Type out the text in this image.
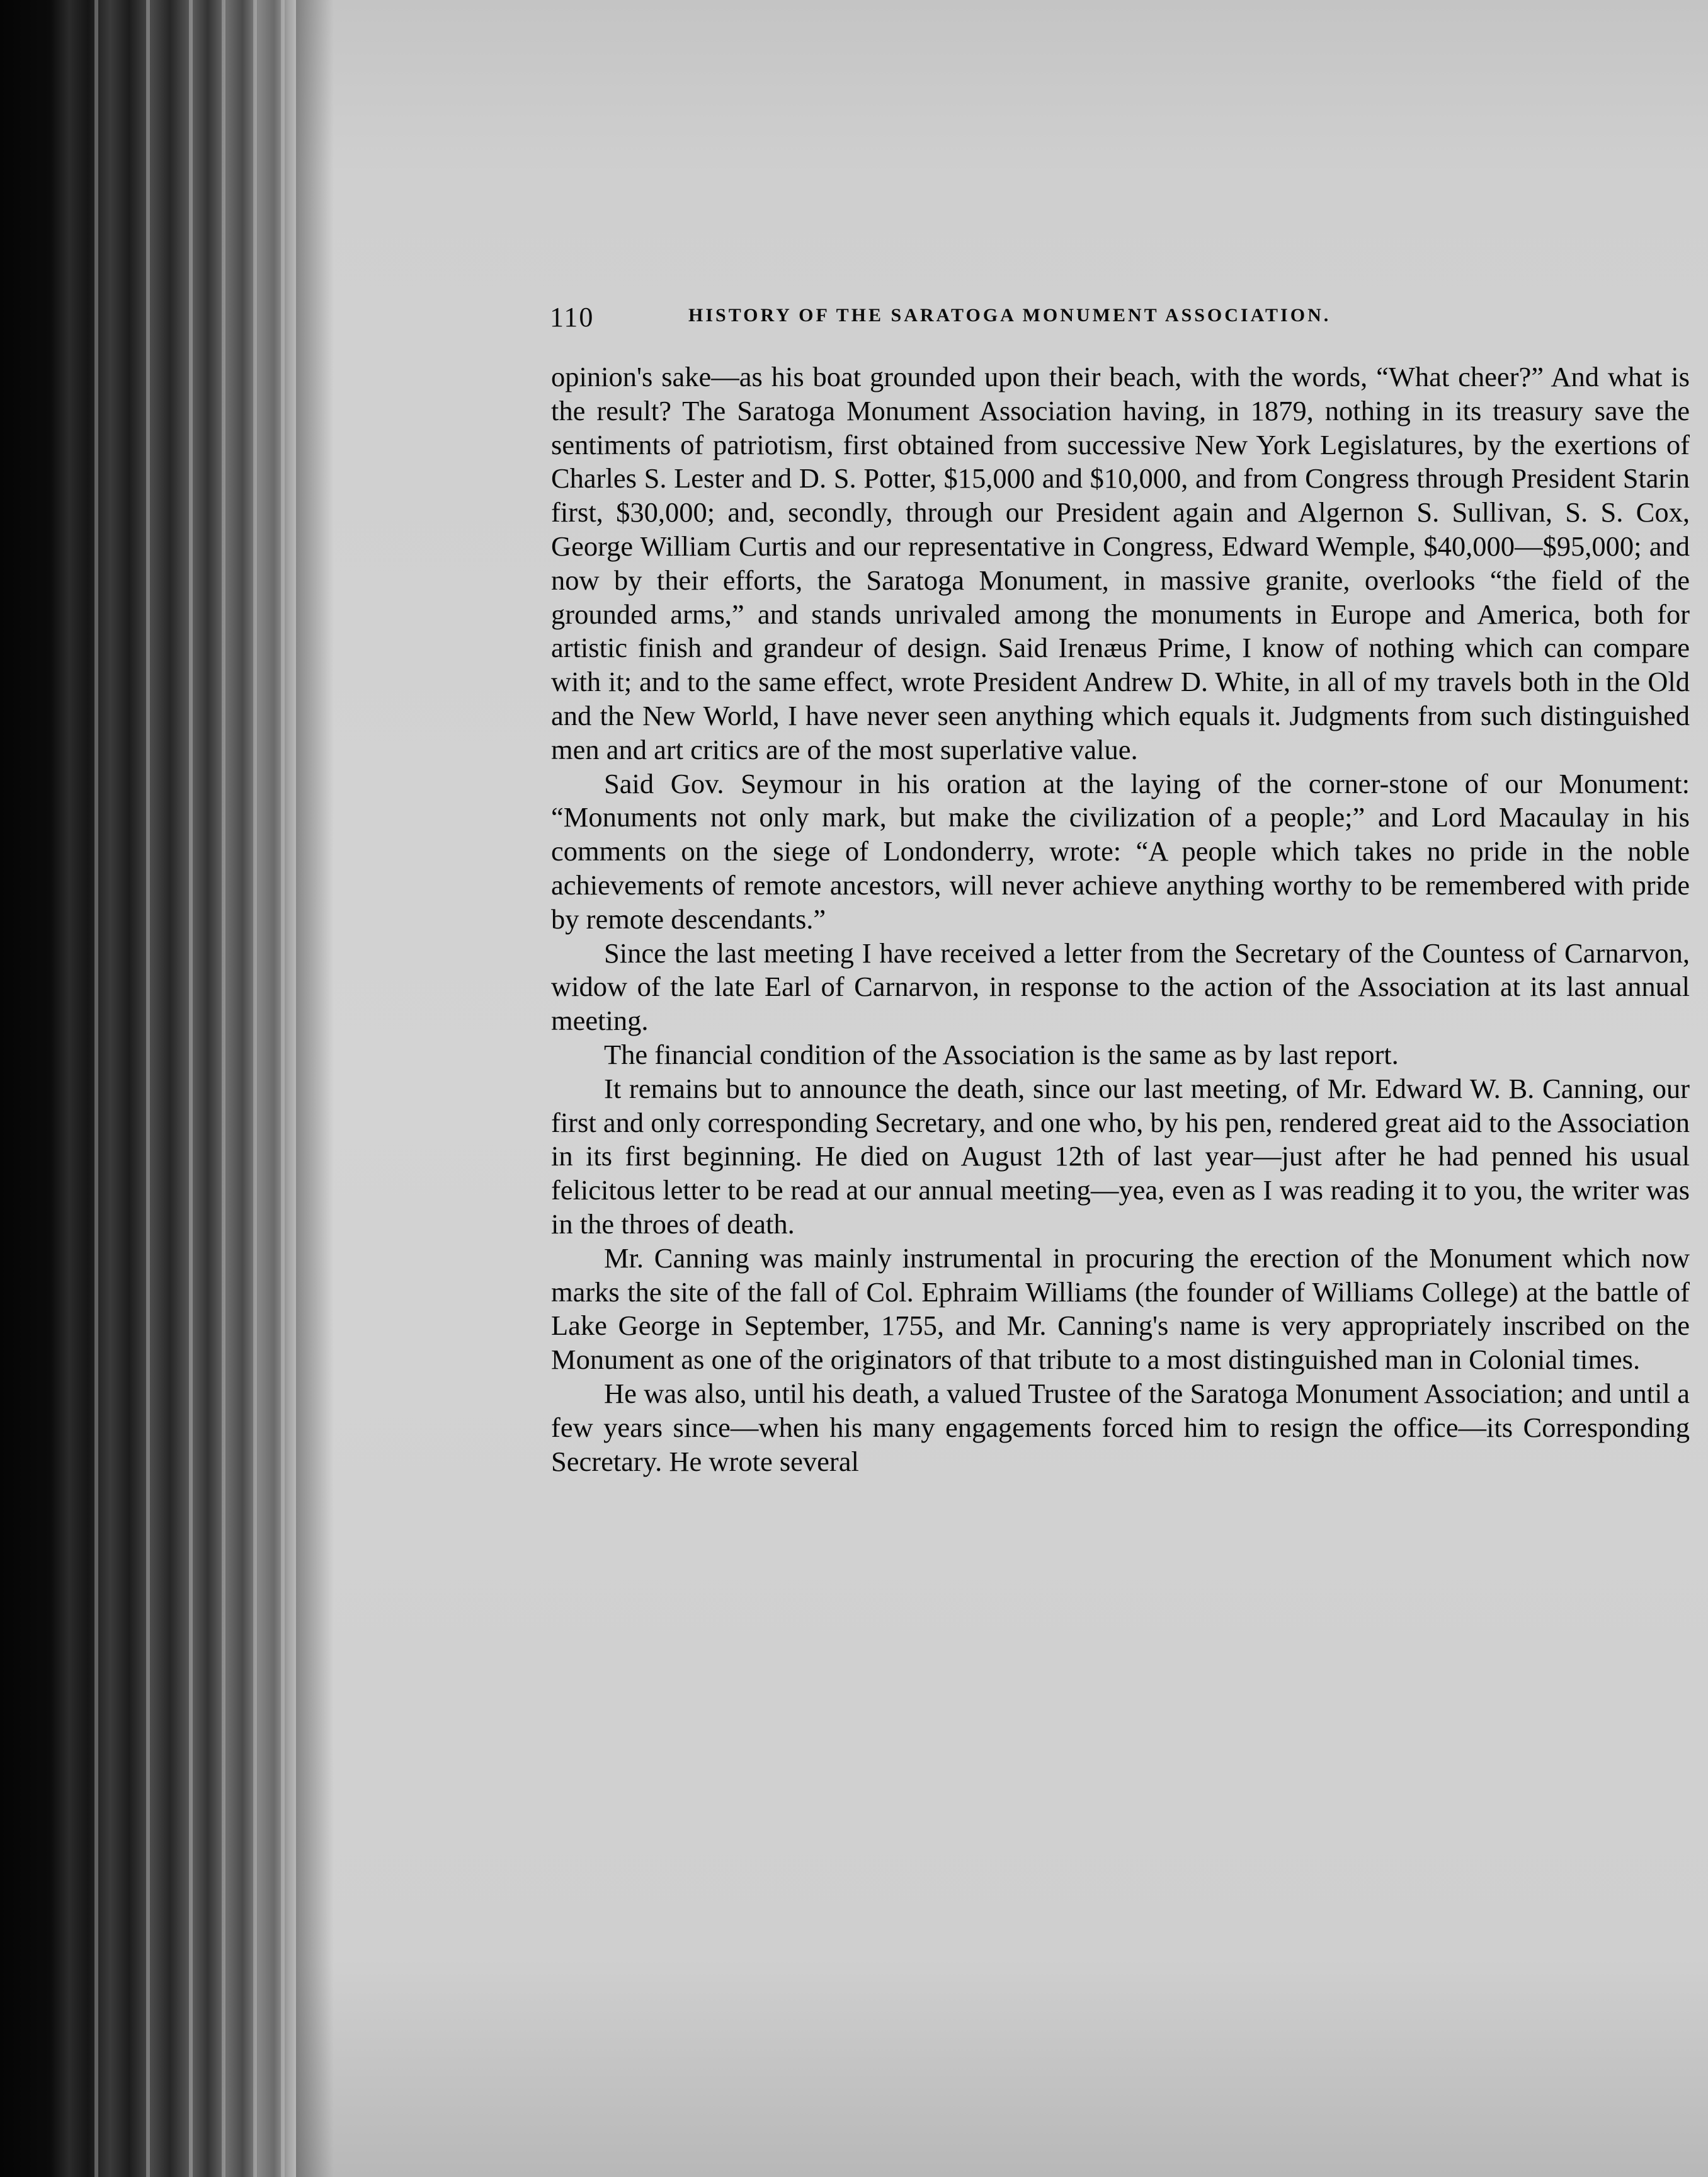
110	HISTORY OF THE SARATOGA MONUMENT ASSOCIATION.

opinion's sake—as his boat grounded upon their beach, with the words, “What cheer?” And what is the result? The Saratoga Monument Association having, in 1879, nothing in its treasury save the sentiments of patriotism, first obtained from successive New York Legislatures, by the exertions of Charles S. Lester and D. S. Potter, $15,000 and $10,000, and from Congress through President Starin first, $30,000; and, secondly, through our President again and Algernon S. Sullivan, S. S. Cox, George William Curtis and our representative in Congress, Edward Wemple, $40,000—$95,000; and now by their efforts, the Saratoga Monument, in massive granite, overlooks “the field of the grounded arms,” and stands unrivaled among the monuments in Europe and America, both for artistic finish and grandeur of design. Said Irenæus Prime, I know of nothing which can compare with it; and to the same effect, wrote President Andrew D. White, in all of my travels both in the Old and the New World, I have never seen anything which equals it. Judgments from such distinguished men and art critics are of the most superlative value.

Said Gov. Seymour in his oration at the laying of the corner-stone of our Monument: “Monuments not only mark, but make the civilization of a people;” and Lord Macaulay in his comments on the siege of Londonderry, wrote: “A people which takes no pride in the noble achievements of remote ancestors, will never achieve anything worthy to be remembered with pride by remote descendants.”

Since the last meeting I have received a letter from the Secretary of the Countess of Carnarvon, widow of the late Earl of Carnarvon, in response to the action of the Association at its last annual meeting.

The financial condition of the Association is the same as by last report.

It remains but to announce the death, since our last meeting, of Mr. Edward W. B. Canning, our first and only corresponding Secretary, and one who, by his pen, rendered great aid to the Association in its first beginning. He died on August 12th of last year—just after he had penned his usual felicitous letter to be read at our annual meeting—yea, even as I was reading it to you, the writer was in the throes of death.

Mr. Canning was mainly instrumental in procuring the erection of the Monument which now marks the site of the fall of Col. Ephraim Williams (the founder of Williams College) at the battle of Lake George in September, 1755, and Mr. Canning's name is very appropriately inscribed on the Monument as one of the originators of that tribute to a most distinguished man in Colonial times.

He was also, until his death, a valued Trustee of the Saratoga Monument Association; and until a few years since—when his many engagements forced him to resign the office—its Corresponding Secretary. He wrote several
